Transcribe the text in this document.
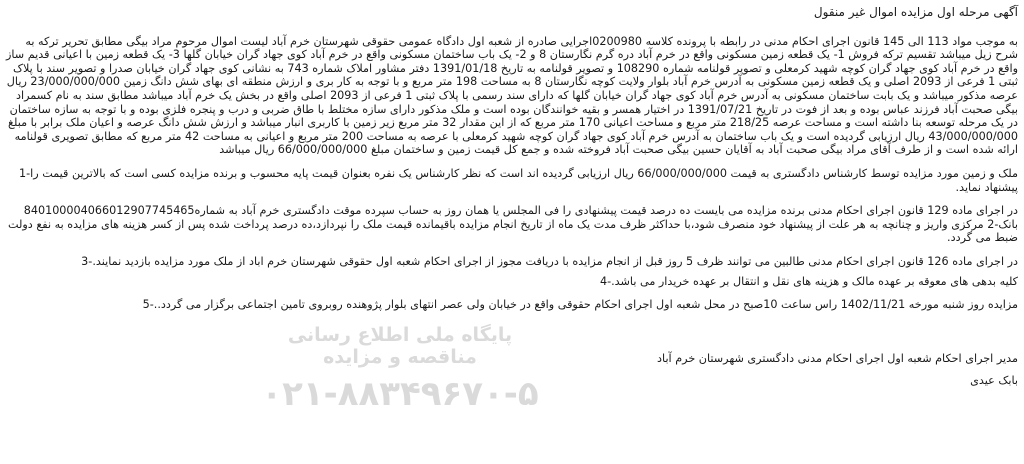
آگهی مرحله اول مزایده اموال غیر منقول

به موجب مواد 113 الی 145 قانون اجرای احکام مدنی در رابطه با پرونده کلاسه 0200980اجرایی صادره از شعبه اول دادگاه عمومی حقوقی شهرستان خرم آباد لیست اموال مرحوم مراد بیگی مطابق تحریر ترکه به شرح زیل میباشد تقسیم ترکه فروش 1- یک قطعه زمین مسکونی واقع در خرم آباد دره گرم نگارستان 8 و 2- یک باب ساختمان مسکونی واقع در خرم آباد کوی جهاد گران خیابان گلها 3- یک قطعه زمین با اعیانی قدیم ساز واقع در خرم آباد کوی جهاد گران کوچه شهید کرمعلی و تصویر قولنامه شماره 108290 و تصویر قولنامه به تاریخ 1391/01/18 دفتر مشاور املاک شماره 743 به نشانی کوی جهاد گران خیابان صدرا و تصویر سند با پلاک ثبتی 1 فرعی از 2093 اصلی و یک قطعه زمین مسکونی به آدرس خرم آباد بلوار ولایت کوچه نگارستان 8 به مساحت 198 متر مربع و با توجه به کار بری و ارزش منطقه ای بهای شش دانگ زمین 23/000/000/000 ریال عرصه مذکور میباشد و یک بابت ساختمان مسکونی به آدرس خرم آباد کوی جهاد گران خیابان گلها که دارای سند رسمی با پلاک ثبتی 1 فرعی از 2093 اصلی واقع در بخش یک خرم آباد میباشد مطابق سند به نام کسمراد بیگی صحبت آباد فرزند عباس بوده و بعد از فوت در تاریخ 1391/07/21 در اختیار همسر و بقیه خوانندگان بوده است و ملک مذکور دارای سازه مختلط با طاق ضربی و درب و پنجره فلزی بوده و با توجه به سازه ساختمان در یک مرحله توسعه بنا داشته است و مساحت عرصه 218/25 متر مربع و مساحت اعیانی 170 متر مربع که از این مقدار 32 متر مربع زیر زمین با کاربری انبار میباشد و ارزش شش دانگ عرصه و اعیان ملک برابر با مبلغ 43/000/000/000 ریال ارزیابی گردیده است و یک باب ساختمان به آدرس خرم آباد کوی جهاد گران کوچه شهید کرمعلی با عرصه به مساحت 200 متر مربع و اعیانی به مساحت 42 متر مربع که مطابق تصویری قولنامه ارائه شده است و از طرف آقای مراد بیگی صحبت آباد به آقایان حسین بیگی صحبت آباد فروخته شده و جمع کل قیمت زمین و ساختمان مبلغ 66/000/000/000 ریال میباشد

ملک و زمین مورد مزایده توسط کارشناس دادگستری به قیمت 66/000/000/000 ریال ارزیابی گردیده اند است که نظر کارشناس یک نفره بعنوان قیمت پایه محسوب و برنده مزایده کسی است که بالاترین قیمت را-1 پیشنهاد نماید.

در اجرای ماده 129 قانون اجرای احکام مدنی برنده مزایده می بایست ده درصد قیمت پیشنهادی را فی المجلس یا همان روز به حساب سپرده موقت دادگستری خرم آباد به شماره840100004066012907745465 بانک-2 مرکزی واریز و چنانچه به هر علت از پیشنهاد خود منصرف شود،با حداکثر ظرف مدت یک ماه از تاریخ انجام مزایده باقیمانده قیمت ملک را نپردازد،ده درصد پرداخت شده پس از کسر هزینه های مزایده به نفع دولت ضبط می گردد.

در اجرای ماده 126 قانون اجرای احکام مدنی طالبین می توانند ظرف 5 روز قبل از انجام مزایده با دریافت مجوز از اجرای احکام شعبه اول حقوقی شهرستان خرم اباد از ملک مورد مزایده بازدید نمایند.-3

کلیه بدهی های معوقه بر عهده مالک و هزینه های نقل و انتقال بر عهده خریدار می باشد.-4

مزایده روز شنبه مورخه 1402/11/21 راس ساعت 10صبح در محل شعبه اول اجرای احکام حقوقی واقع در خیابان ولی عصر انتهای بلوار پژوهنده روبروی تامین اجتماعی برگزار می گردد..-5

مدیر اجرای احکام شعبه اول اجرای احکام مدنی دادگستری شهرستان خرم آباد

بابک عیدی

پایگاه ملی اطلاع رسانی مناقصه و مزایده
۰۲۱-۸۸۳۴۹۶۷۰-۵
